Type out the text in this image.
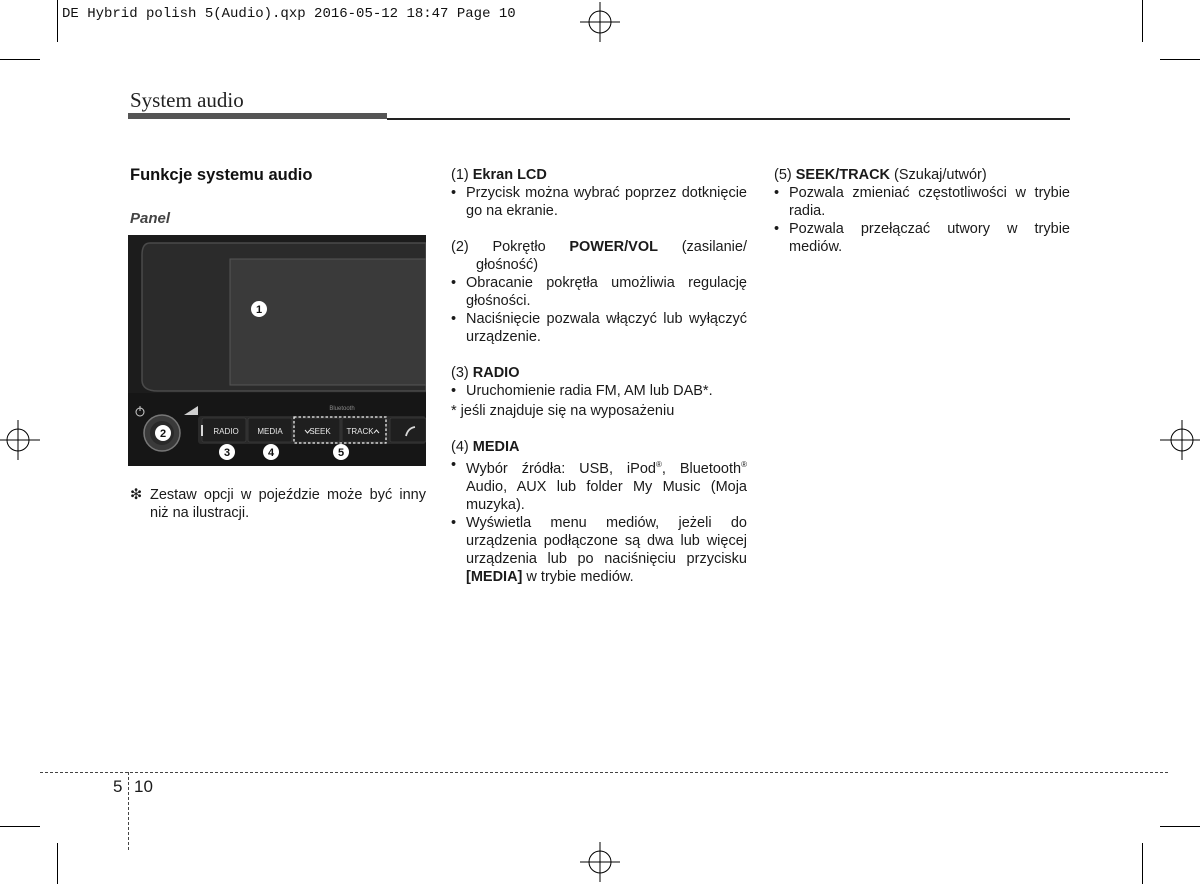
DE Hybrid polish 5(Audio).qxp 2016-05-12 18:47 Page 10
System audio
Funkcje systemu audio
Panel
RADIO MEDIA	SEEK TRACK
Bluetooth
1
2
3	4	5
❇ Zestaw opcji w pojeździe może być inny niż na ilustracji.

(1) Ekran LCD

• Przycisk można wybrać poprzez dotknięcie go na ekranie.

(2) Pokrętło POWER/VOL (zasilanie/

głośność)

• Obracanie pokrętła umożliwia regulację głośności.
• Naciśnięcie pozwala włączyć lub wyłączyć urządzenie.

(3) RADIO

• Uruchomienie radia FM, AM lub DAB*.

* jeśli znajduje się na wyposażeniu

(4) MEDIA

• Wybór źródła: USB, iPod®, Bluetooth® Audio, AUX lub folder My Music (Moja muzyka).
• Wyświetla menu mediów, jeżeli do urządzenia podłączone są dwa lub więcej urządzenia lub po naciśnięciu przycisku [MEDIA] w trybie mediów.

(5) SEEK/TRACK (Szukaj/utwór)

• Pozwala zmieniać częstotliwości w trybie radia.
• Pozwala przełączać utwory w trybie mediów.
5 10
